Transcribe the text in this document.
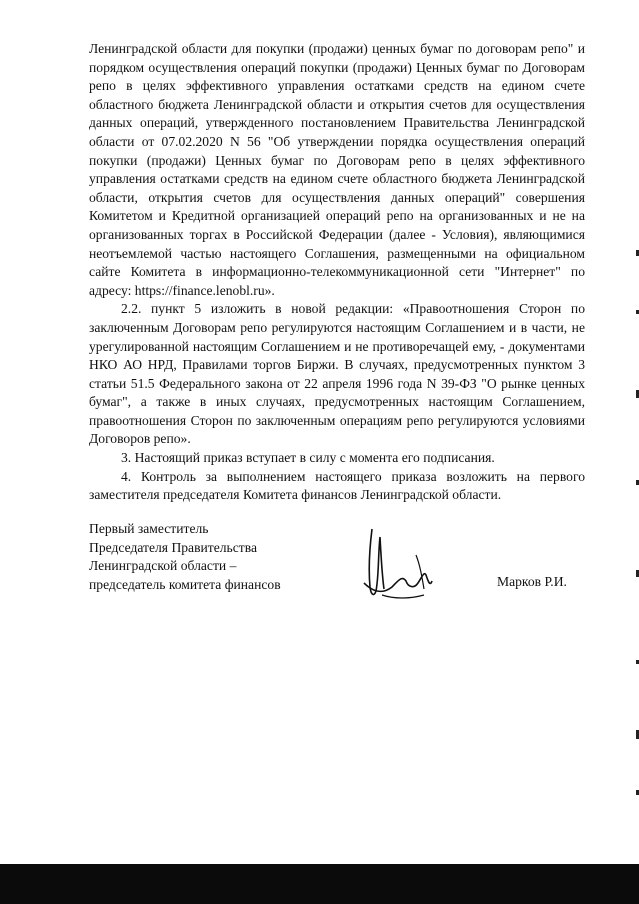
Ленинградской области для покупки (продажи) ценных бумаг по договорам репо" и порядком осуществления операций покупки (продажи) Ценных бумаг по Договорам репо в целях эффективного управления остатками средств на едином счете областного бюджета Ленинградской области и открытия счетов для осуществления данных операций, утвержденного постановлением Правительства Ленинградской области от 07.02.2020 N 56 "Об утверждении порядка осуществления операций покупки (продажи) Ценных бумаг по Договорам репо в целях эффективного управления остатками средств на едином счете областного бюджета Ленинградской области, открытия счетов для осуществления данных операций" совершения Комитетом и Кредитной организацией операций репо на организованных и не на организованных торгах в Российской Федерации (далее - Условия), являющимися неотъемлемой частью настоящего Соглашения, размещенными на официальном сайте Комитета в информационно-телекоммуникационной сети "Интернет" по адресу: https://finance.lenobl.ru».

2.2. пункт 5 изложить в новой редакции: «Правоотношения Сторон по заключенным Договорам репо регулируются настоящим Соглашением и в части, не урегулированной настоящим Соглашением и не противоречащей ему, - документами НКО АО НРД, Правилами торгов Биржи. В случаях, предусмотренных пунктом 3 статьи 51.5 Федерального закона от 22 апреля 1996 года N 39-ФЗ "О рынке ценных бумаг", а также в иных случаях, предусмотренных настоящим Соглашением, правоотношения Сторон по заключенным операциям репо регулируются условиями Договоров репо».

3. Настоящий приказ вступает в силу с момента его подписания.

4. Контроль за выполнением настоящего приказа возложить на первого заместителя председателя Комитета финансов Ленинградской области.

Первый заместитель
Председателя Правительства
Ленинградской области –
председатель комитета финансов	Марков Р.И.
